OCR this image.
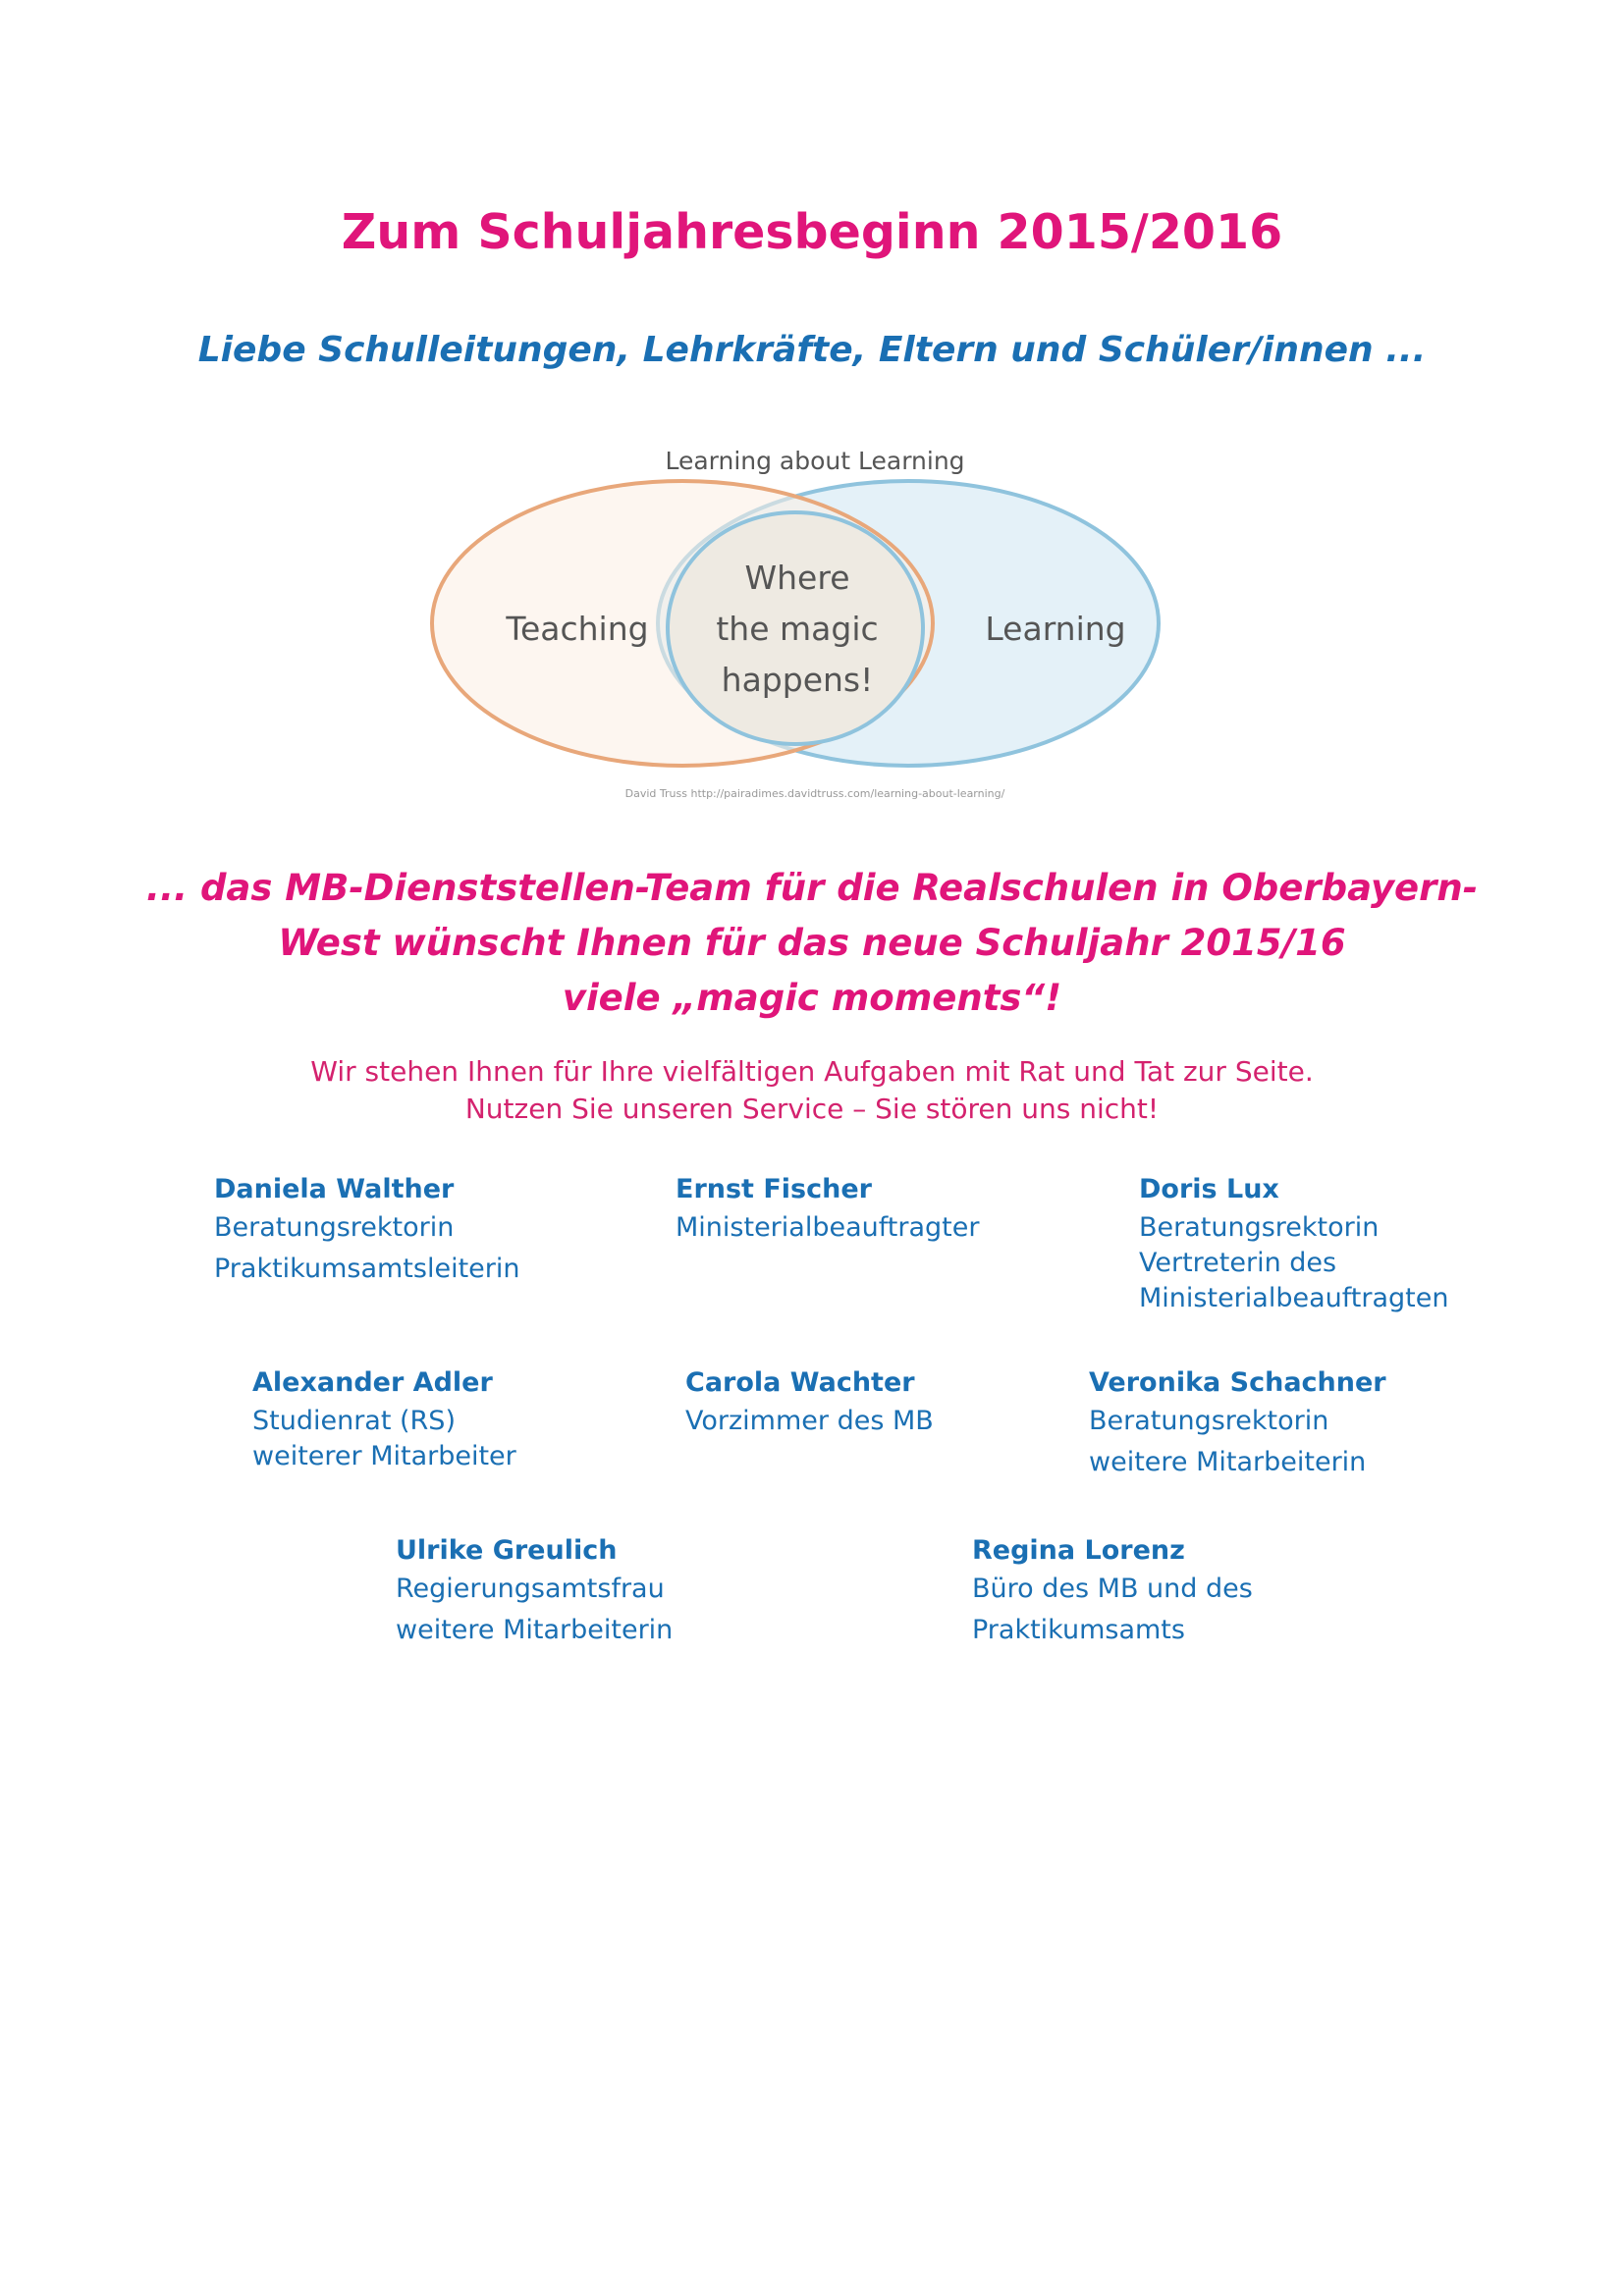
Zum Schuljahresbeginn 2015/2016
Liebe Schulleitungen, Lehrkräfte, Eltern und Schüler/innen ...
Learning about Learning
Teaching	Learning
Where
the magic
happens!
David Truss http://pairadimes.davidtruss.com/learning-about-learning/
... das MB-Dienststellen-Team für die Realschulen in Oberbayern-
West wünscht Ihnen für das neue Schuljahr 2015/16
viele „magic moments“!
Wir stehen Ihnen für Ihre vielfältigen Aufgaben mit Rat und Tat zur Seite.
Nutzen Sie unseren Service – Sie stören uns nicht!
Daniela Walther
Beratungsrektorin
Praktikumsamtsleiterin
Ernst Fischer
Ministerialbeauftragter
Doris Lux
Beratungsrektorin
Vertreterin des
Ministerialbeauftragten
Alexander Adler
Studienrat (RS)
weiterer Mitarbeiter
Carola Wachter
Vorzimmer des MB
Veronika Schachner
Beratungsrektorin
weitere Mitarbeiterin
Ulrike Greulich
Regierungsamtsfrau
weitere Mitarbeiterin
Regina Lorenz
Büro des MB und des
Praktikumsamts
